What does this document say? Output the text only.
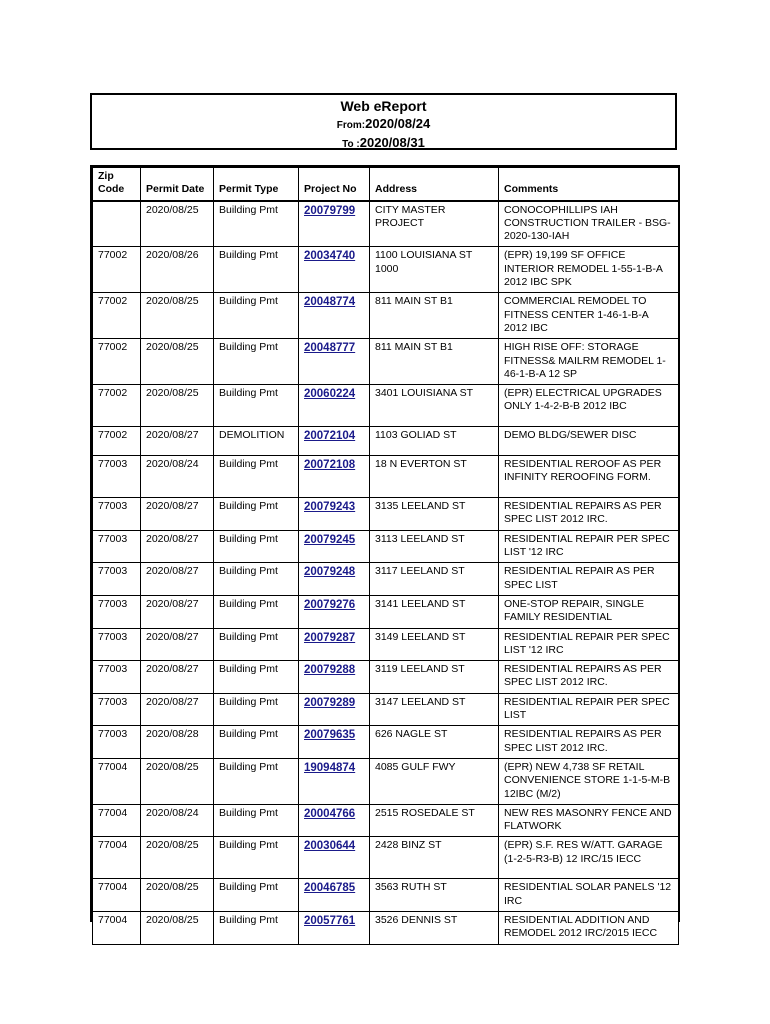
Web eReport
From:2020/08/24
To :2020/08/31
Zip Code	Permit Date	Permit Type	Project No	Address	Comments
	2020/08/25	Building Pmt	20079799	CITY MASTER PROJECT	CONOCOPHILLIPS IAH CONSTRUCTION TRAILER - BSG-2020-130-IAH
77002	2020/08/26	Building Pmt	20034740	1100 LOUISIANA ST 1000	(EPR) 19,199 SF OFFICE INTERIOR REMODEL 1-55-1-B-A 2012 IBC SPK
77002	2020/08/25	Building Pmt	20048774	811 MAIN ST B1	COMMERCIAL REMODEL TO FITNESS CENTER 1-46-1-B-A 2012 IBC
77002	2020/08/25	Building Pmt	20048777	811 MAIN ST B1	HIGH RISE OFF: STORAGE FITNESS& MAILRM REMODEL 1-46-1-B-A 12 SP
77002	2020/08/25	Building Pmt	20060224	3401 LOUISIANA ST	(EPR) ELECTRICAL UPGRADES ONLY 1-4-2-B-B 2012 IBC
77002	2020/08/27	DEMOLITION	20072104	1103 GOLIAD ST	DEMO BLDG/SEWER DISC
77003	2020/08/24	Building Pmt	20072108	18 N EVERTON ST	RESIDENTIAL REROOF AS PER INFINITY REROOFING FORM.
77003	2020/08/27	Building Pmt	20079243	3135 LEELAND ST	RESIDENTIAL REPAIRS AS PER SPEC LIST 2012 IRC.
77003	2020/08/27	Building Pmt	20079245	3113 LEELAND ST	RESIDENTIAL REPAIR PER SPEC LIST '12 IRC
77003	2020/08/27	Building Pmt	20079248	3117 LEELAND ST	RESIDENTIAL REPAIR AS PER SPEC LIST
77003	2020/08/27	Building Pmt	20079276	3141 LEELAND ST	ONE-STOP REPAIR, SINGLE FAMILY RESIDENTIAL
77003	2020/08/27	Building Pmt	20079287	3149 LEELAND ST	RESIDENTIAL REPAIR PER SPEC LIST '12 IRC
77003	2020/08/27	Building Pmt	20079288	3119 LEELAND ST	RESIDENTIAL REPAIRS AS PER SPEC LIST 2012 IRC.
77003	2020/08/27	Building Pmt	20079289	3147 LEELAND ST	RESIDENTIAL REPAIR PER SPEC LIST
77003	2020/08/28	Building Pmt	20079635	626 NAGLE ST	RESIDENTIAL REPAIRS AS PER SPEC LIST 2012 IRC.
77004	2020/08/25	Building Pmt	19094874	4085 GULF FWY	(EPR) NEW 4,738 SF RETAIL CONVENIENCE STORE 1-1-5-M-B 12IBC (M/2)
77004	2020/08/24	Building Pmt	20004766	2515 ROSEDALE ST	NEW RES MASONRY FENCE AND FLATWORK
77004	2020/08/25	Building Pmt	20030644	2428 BINZ ST	(EPR) S.F. RES W/ATT. GARAGE (1-2-5-R3-B) 12 IRC/15 IECC
77004	2020/08/25	Building Pmt	20046785	3563 RUTH ST	RESIDENTIAL SOLAR PANELS '12 IRC
77004	2020/08/25	Building Pmt	20057761	3526 DENNIS ST	RESIDENTIAL ADDITION AND REMODEL 2012 IRC/2015 IECC
